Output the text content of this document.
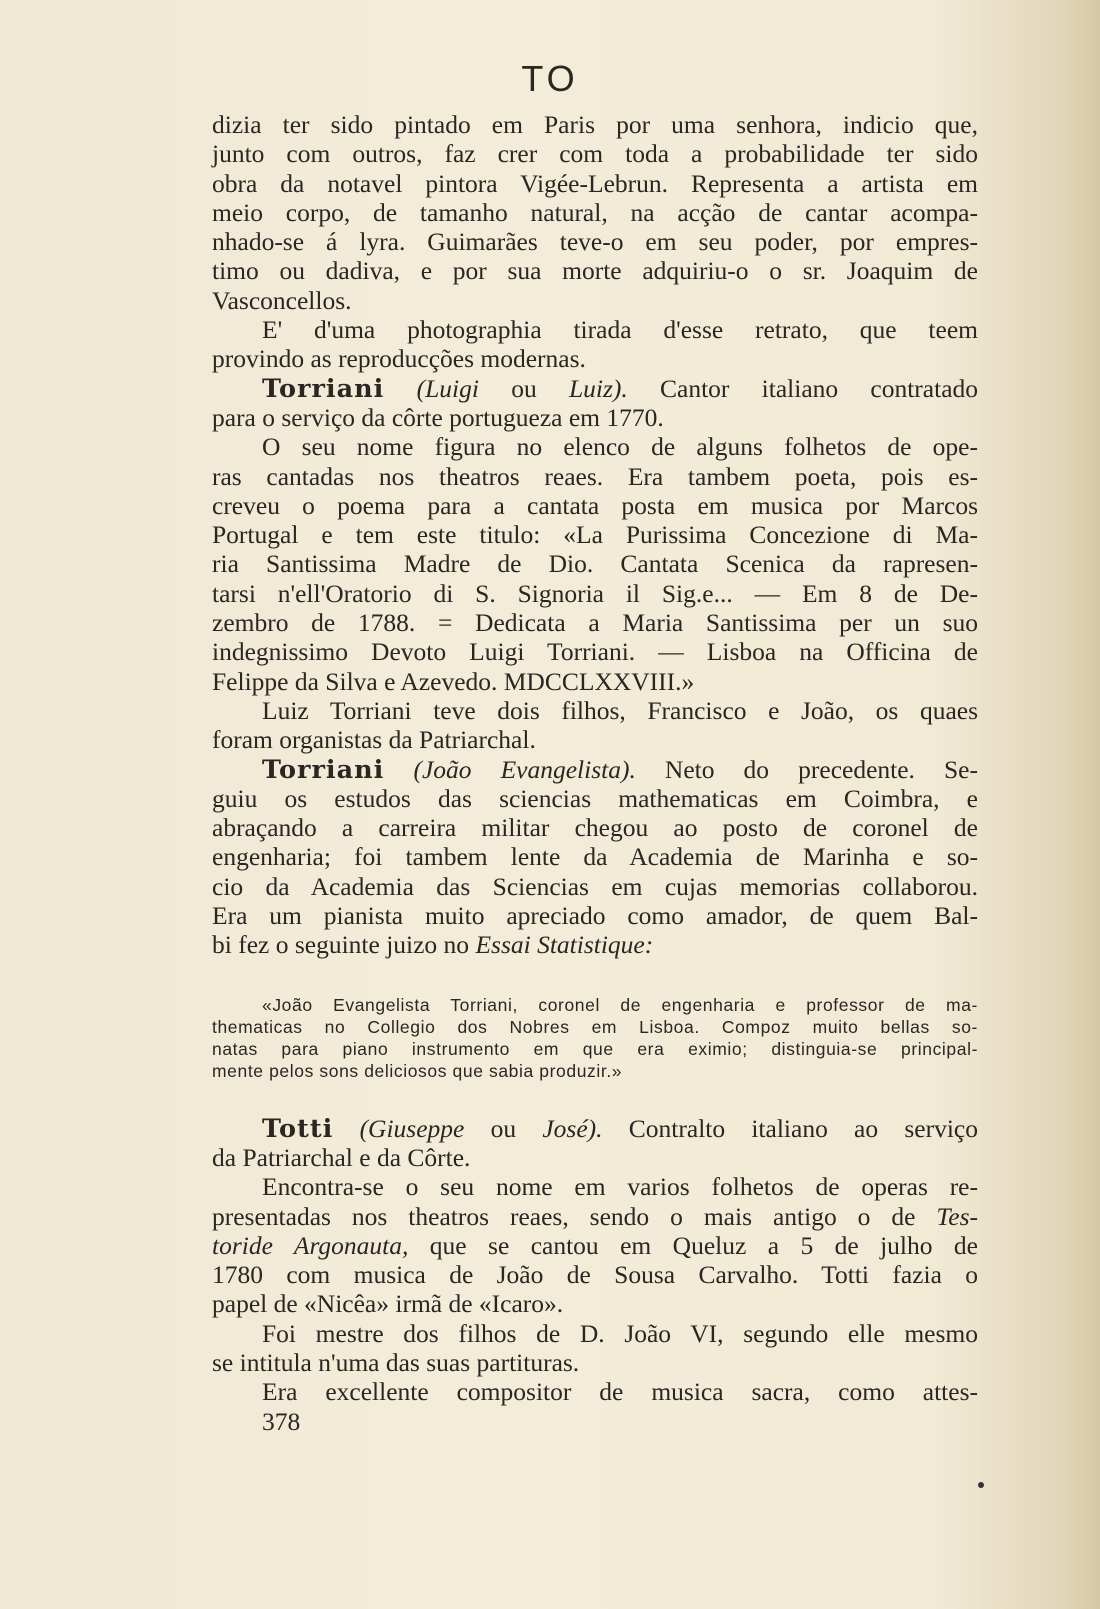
TO
dizia ter sido pintado em Paris por uma senhora, indicio que,
junto com outros, faz crer com toda a probabilidade ter sido
obra da notavel pintora Vigée-Lebrun. Representa a artista em
meio corpo, de tamanho natural, na acção de cantar acompa-
nhado-se á lyra. Guimarães teve-o em seu poder, por empres-
timo ou dadiva, e por sua morte adquiriu-o o sr. Joaquim de
Vasconcellos.
E' d'uma photographia tirada d'esse retrato, que teem
provindo as reproducções modernas.
Torriani (Luigi ou Luiz). Cantor italiano contratado
para o serviço da côrte portugueza em 1770.
O seu nome figura no elenco de alguns folhetos de ope-
ras cantadas nos theatros reaes. Era tambem poeta, pois es-
creveu o poema para a cantata posta em musica por Marcos
Portugal e tem este titulo: «La Purissima Concezione di Ma-
ria Santissima Madre de Dio. Cantata Scenica da rapresen-
tarsi n'ell'Oratorio di S. Signoria il Sig.e... — Em 8 de De-
zembro de 1788. = Dedicata a Maria Santissima per un suo
indegnissimo Devoto Luigi Torriani. — Lisboa na Officina de
Felippe da Silva e Azevedo. MDCCLXXVIII.»
Luiz Torriani teve dois filhos, Francisco e João, os quaes
foram organistas da Patriarchal.
Torriani (João Evangelista). Neto do precedente. Se-
guiu os estudos das sciencias mathematicas em Coimbra, e
abraçando a carreira militar chegou ao posto de coronel de
engenharia; foi tambem lente da Academia de Marinha e so-
cio da Academia das Sciencias em cujas memorias collaborou.
Era um pianista muito apreciado como amador, de quem Bal-
bi fez o seguinte juizo no Essai Statistique:
«João Evangelista Torriani, coronel de engenharia e professor de ma-
thematicas no Collegio dos Nobres em Lisboa. Compoz muito bellas so-
natas para piano instrumento em que era eximio; distinguia-se principal-
mente pelos sons deliciosos que sabia produzir.»
Totti (Giuseppe ou José). Contralto italiano ao serviço
da Patriarchal e da Côrte.
Encontra-se o seu nome em varios folhetos de operas re-
presentadas nos theatros reaes, sendo o mais antigo o de Tes-
toride Argonauta, que se cantou em Queluz a 5 de julho de
1780 com musica de João de Sousa Carvalho. Totti fazia o
papel de «Nicêa» irmã de «Icaro».
Foi mestre dos filhos de D. João VI, segundo elle mesmo
se intitula n'uma das suas partituras.
Era excellente compositor de musica sacra, como attes-
378
